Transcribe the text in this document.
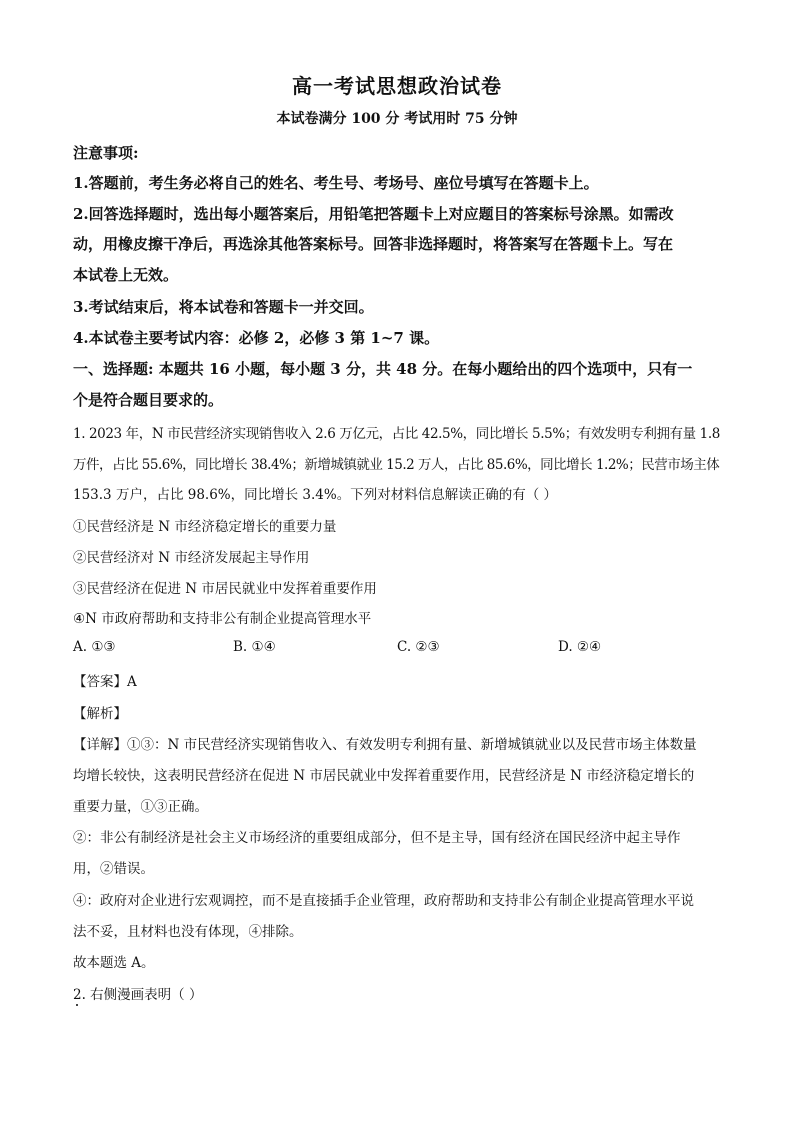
高一考试思想政治试卷
本试卷满分 100 分 考试用时 75 分钟
注意事项:
1.答题前，考生务必将自己的姓名、考生号、考场号、座位号填写在答题卡上。
2.回答选择题时，选出每小题答案后，用铅笔把答题卡上对应题目的答案标号涂黑。如需改
动，用橡皮擦干净后，再选涂其他答案标号。回答非选择题时，将答案写在答题卡上。写在
本试卷上无效。
3.考试结束后，将本试卷和答题卡一并交回。
4.本试卷主要考试内容：必修 2，必修 3 第 1~7 课。
一、选择题: 本题共 16 小题，每小题 3 分，共 48 分。在每小题给出的四个选项中，只有一
个是符合题目要求的。
1. 2023 年，N 市民营经济实现销售收入 2.6 万亿元，占比 42.5%，同比增长 5.5%；有效发明专利拥有量 1.8
万件，占比 55.6%，同比增长 38.4%；新增城镇就业 15.2 万人，占比 85.6%，同比增长 1.2%；民营市场主体
153.3 万户，占比 98.6%，同比增长 3.4%。下列对材料信息解读正确的有（ ）
①民营经济是 N 市经济稳定增长的重要力量
②民营经济对 N 市经济发展起主导作用
③民营经济在促进 N 市居民就业中发挥着重要作用
④N 市政府帮助和支持非公有制企业提高管理水平
A. ①③	B. ①④	C. ②③	D. ②④
【答案】A
【解析】
【详解】①③：N 市民营经济实现销售收入、有效发明专利拥有量、新增城镇就业以及民营市场主体数量
均增长较快，这表明民营经济在促进 N 市居民就业中发挥着重要作用，民营经济是 N 市经济稳定增长的
重要力量，①③正确。
②：非公有制经济是社会主义市场经济的重要组成部分，但不是主导，国有经济在国民经济中起主导作
用，②错误。
④：政府对企业进行宏观调控，而不是直接插手企业管理，政府帮助和支持非公有制企业提高管理水平说
法不妥，且材料也没有体现，④排除。
故本题选 A。
2. 右侧漫画表明（ ）
